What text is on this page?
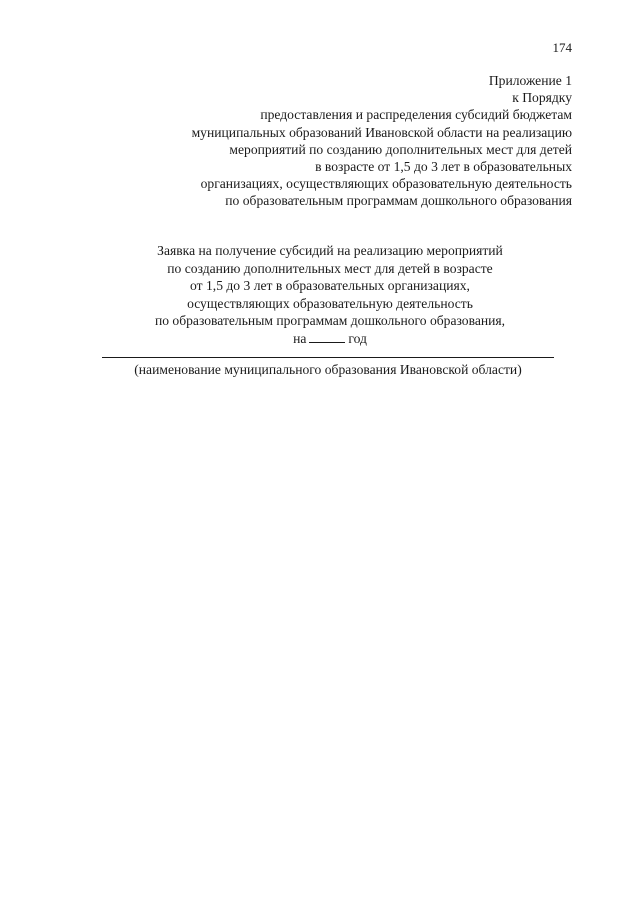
174
Приложение 1
к Порядку
предоставления и распределения субсидий бюджетам
муниципальных образований Ивановской области на реализацию
мероприятий по созданию дополнительных мест для детей
в возрасте от 1,5 до 3 лет в образовательных
организациях, осуществляющих образовательную деятельность
по образовательным программам дошкольного образования
Заявка на получение субсидий на реализацию мероприятий
по созданию дополнительных мест для детей в возрасте
от 1,5 до 3 лет в образовательных организациях,
осуществляющих образовательную деятельность
по образовательным программам дошкольного образования,
на	год
(наименование муниципального образования Ивановской области)
